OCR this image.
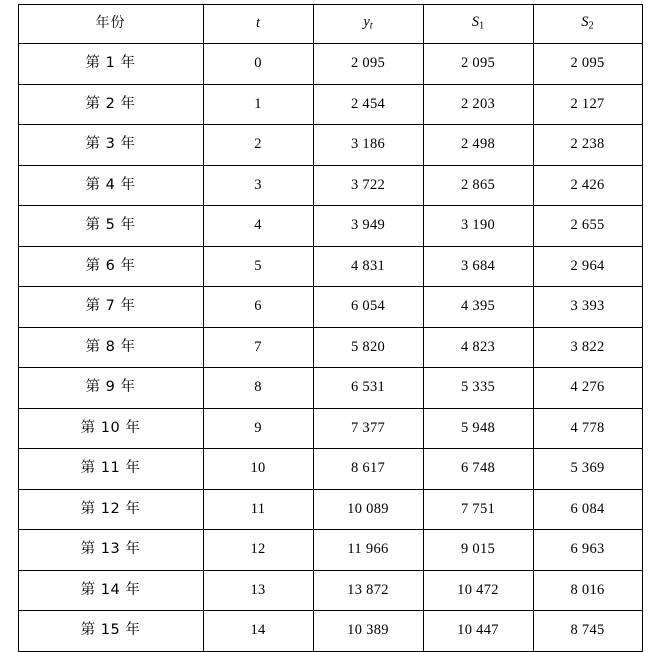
年份	t	$y_t$	$S_1$	$S_2$
第 1 年	0	2 095	2 095	2 095
第 2 年	1	2 454	2 203	2 127
第 3 年	2	3 186	2 498	2 238
第 4 年	3	3 722	2 865	2 426
第 5 年	4	3 949	3 190	2 655
第 6 年	5	4 831	3 684	2 964
第 7 年	6	6 054	4 395	3 393
第 8 年	7	5 820	4 823	3 822
第 9 年	8	6 531	5 335	4 276
第 10 年	9	7 377	5 948	4 778
第 11 年	10	8 617	6 748	5 369
第 12 年	11	10 089	7 751	6 084
第 13 年	12	11 966	9 015	6 963
第 14 年	13	13 872	10 472	8 016
第 15 年	14	10 389	10 447	8 745
